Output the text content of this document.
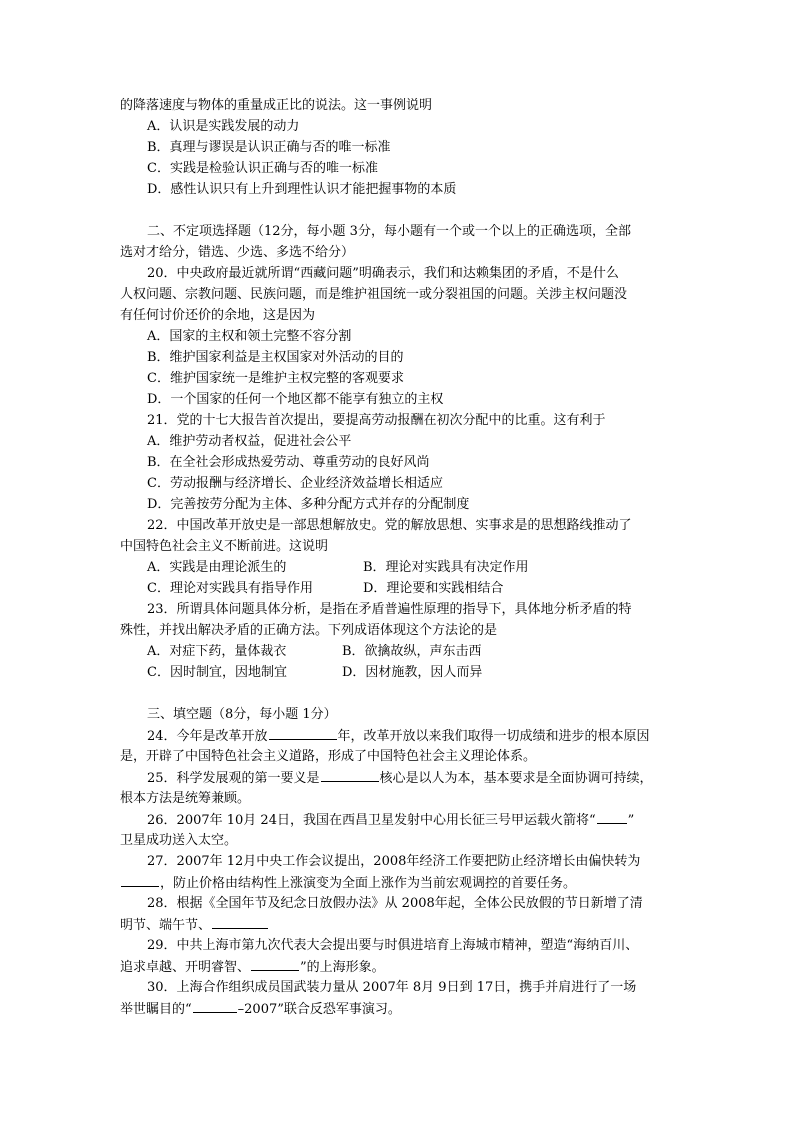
的降落速度与物体的重量成正比的说法。这一事例说明
A．认识是实践发展的动力
B．真理与谬误是认识正确与否的唯一标准
C．实践是检验认识正确与否的唯一标准
D．感性认识只有上升到理性认识才能把握事物的本质
二、不定项选择题（12分，每小题 3分，每小题有一个或一个以上的正确选项，全部
选对才给分，错选、少选、多选不给分）
20．中央政府最近就所谓“西藏问题”明确表示，我们和达赖集团的矛盾，不是什么
人权问题、宗教问题、民族问题，而是维护祖国统一或分裂祖国的问题。关涉主权问题没
有任何讨价还价的余地，这是因为
A．国家的主权和领土完整不容分割
B．维护国家利益是主权国家对外活动的目的
C．维护国家统一是维护主权完整的客观要求
D．一个国家的任何一个地区都不能享有独立的主权
21．党的十七大报告首次提出，要提高劳动报酬在初次分配中的比重。这有利于
A．维护劳动者权益，促进社会公平
B．在全社会形成热爱劳动、尊重劳动的良好风尚
C．劳动报酬与经济增长、企业经济效益增长相适应
D．完善按劳分配为主体、多种分配方式并存的分配制度
22．中国改革开放史是一部思想解放史。党的解放思想、实事求是的思想路线推动了
中国特色社会主义不断前进。这说明
A．实践是由理论派生的	B．理论对实践具有决定作用
C．理论对实践具有指导作用	D．理论要和实践相结合
23．所谓具体问题具体分析，是指在矛盾普遍性原理的指导下，具体地分析矛盾的特
殊性，并找出解决矛盾的正确方法。下列成语体现这个方法论的是
A．对症下药，量体裁衣	B．欲擒故纵，声东击西
C．因时制宜，因地制宜	D．因材施教，因人而异
三、填空题（8分，每小题 1分）
24．今年是改革开放	年，改革开放以来我们取得一切成绩和进步的根本原因
是，开辟了中国特色社会主义道路，形成了中国特色社会主义理论体系。
25．科学发展观的第一要义是	核心是以人为本，基本要求是全面协调可持续，
根本方法是统筹兼顾。
26．2007年 10月 24日，我国在西昌卫星发射中心用长征三号甲运载火箭将“ ”
卫星成功送入太空。
27．2007年 12月中央工作会议提出，2008年经济工作要把防止经济增长由偏快转为
，防止价格由结构性上涨演变为全面上涨作为当前宏观调控的首要任务。
28．根据《全国年节及纪念日放假办法》从 2008年起，全体公民放假的节日新增了清
明节、端午节、
29．中共上海市第九次代表大会提出要与时俱进培育上海城市精神，塑造“海纳百川、
追求卓越、开明睿智、	”的上海形象。
30．上海合作组织成员国武装力量从 2007年 8月 9日到 17日，携手并肩进行了一场
举世瞩目的“	–2007”联合反恐军事演习。
